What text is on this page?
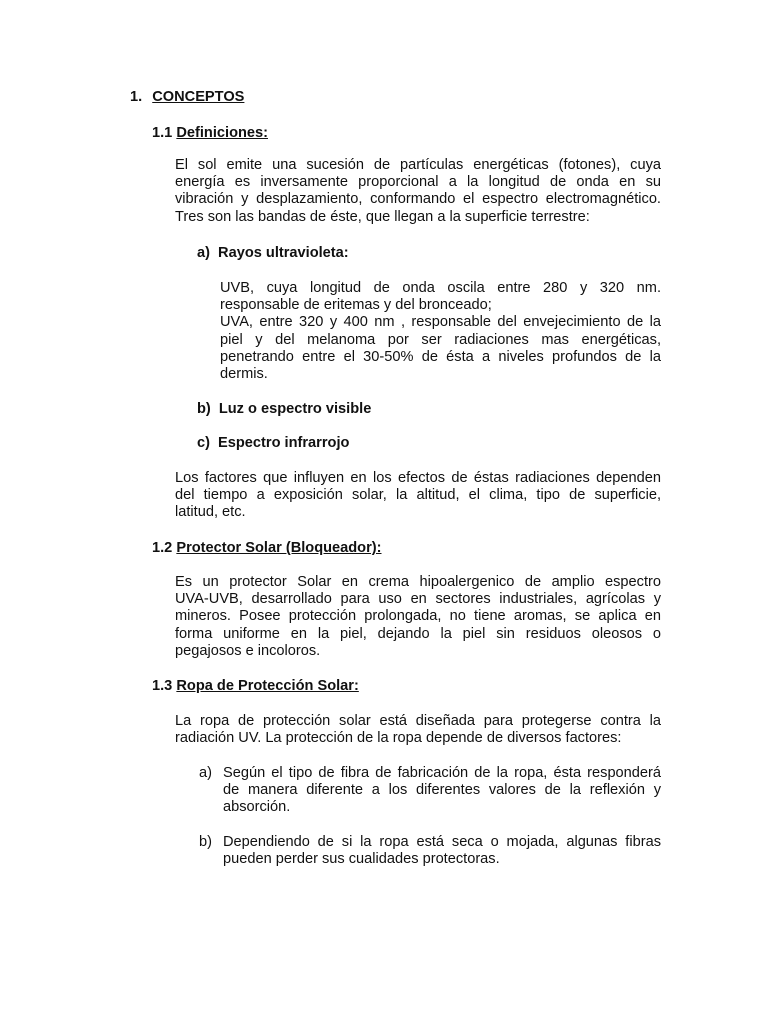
1. CONCEPTOS
1.1 Definiciones:
El sol emite una sucesión de partículas energéticas (fotones), cuya
energía es inversamente proporcional a la longitud de onda en su
vibración y desplazamiento, conformando el espectro electromagnético.
Tres son las bandas de éste, que llegan a la superficie terrestre:
a) Rayos ultravioleta:
UVB, cuya longitud de onda oscila entre 280 y 320 nm.
responsable de eritemas y del bronceado;
UVA, entre 320 y 400 nm , responsable del envejecimiento de la
piel y del melanoma por ser radiaciones mas energéticas,
penetrando entre el 30-50% de ésta a niveles profundos de la
dermis.
b) Luz o espectro visible
c) Espectro infrarrojo
Los factores que influyen en los efectos de éstas radiaciones dependen
del tiempo a exposición solar, la altitud, el clima, tipo de superficie,
latitud, etc.
1.2 Protector Solar (Bloqueador):
Es un protector Solar en crema hipoalergenico de amplio espectro
UVA-UVB, desarrollado para uso en sectores industriales, agrícolas y
mineros. Posee protección prolongada, no tiene aromas, se aplica en
forma uniforme en la piel, dejando la piel sin residuos oleosos o
pegajosos e incoloros.
1.3 Ropa de Protección Solar:
La ropa de protección solar está diseñada para protegerse contra la
radiación UV. La protección de la ropa depende de diversos factores:
a) Según el tipo de fibra de fabricación de la ropa, ésta responderá
de manera diferente a los diferentes valores de la reflexión y
absorción.
b) Dependiendo de si la ropa está seca o mojada, algunas fibras
pueden perder sus cualidades protectoras.
